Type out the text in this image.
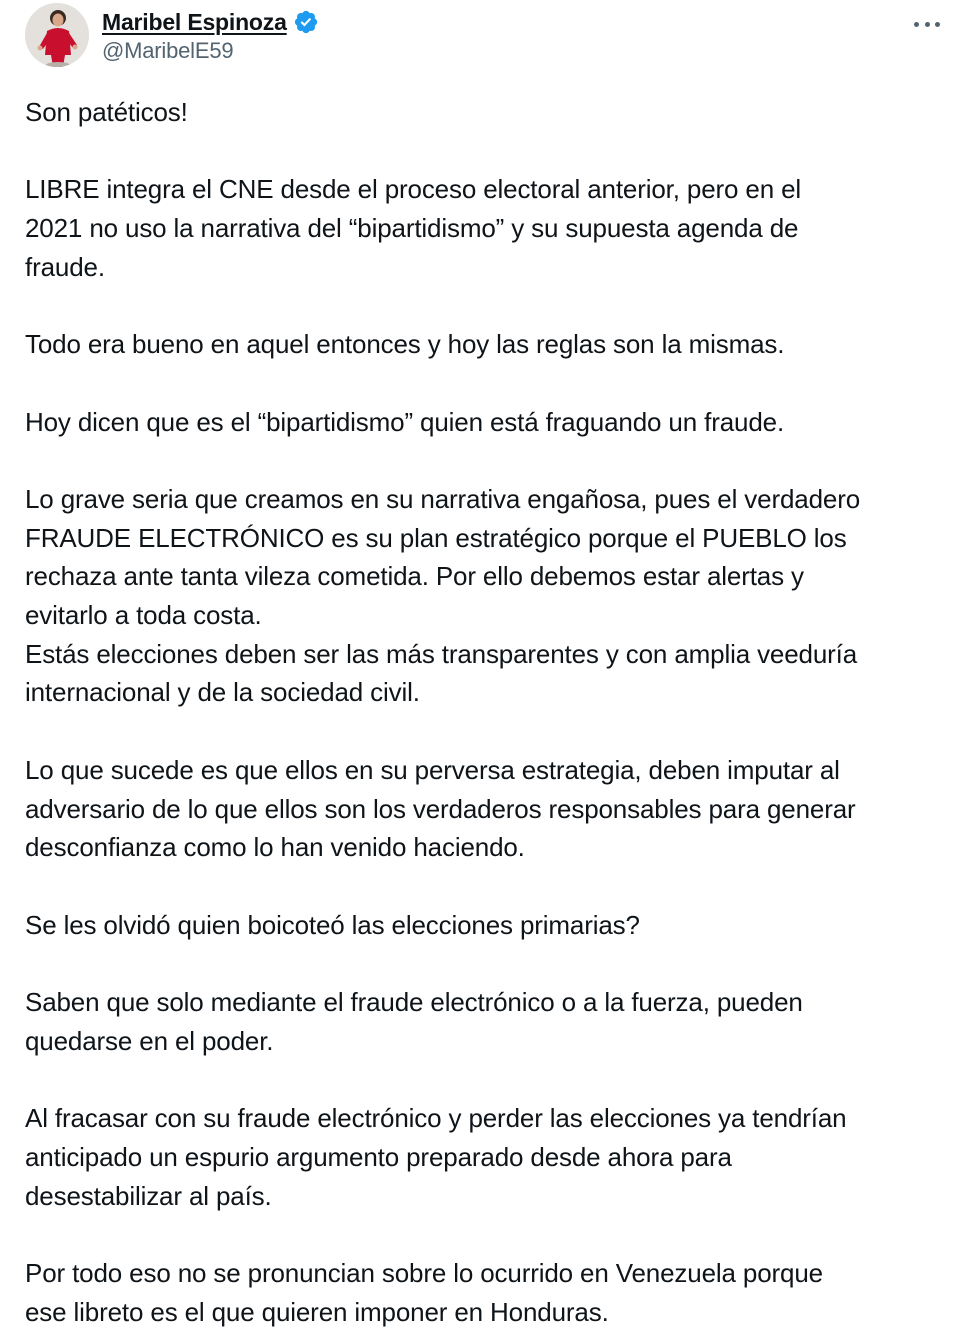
Maribel Espinoza
@MaribelE59

Son patéticos!

LIBRE integra el CNE desde el proceso electoral anterior, pero en el

2021 no uso la narrativa del “bipartidismo” y su supuesta agenda de

fraude.

Todo era bueno en aquel entonces y hoy las reglas son la mismas.

Hoy dicen que es el “bipartidismo” quien está fraguando un fraude.

Lo grave seria que creamos en su narrativa engañosa, pues el verdadero

FRAUDE ELECTRÓNICO es su plan estratégico porque el PUEBLO los

rechaza ante tanta vileza cometida. Por ello debemos estar alertas y

evitarlo a toda costa.

Estás elecciones deben ser las más transparentes y con amplia veeduría

internacional y de la sociedad civil.

Lo que sucede es que ellos en su perversa estrategia, deben imputar al

adversario de lo que ellos son los verdaderos responsables para generar

desconfianza como lo han venido haciendo.

Se les olvidó quien boicoteó las elecciones primarias?

Saben que solo mediante el fraude electrónico o a la fuerza, pueden

quedarse en el poder.

Al fracasar con su fraude electrónico y perder las elecciones ya tendrían

anticipado un espurio argumento preparado desde ahora para

desestabilizar al país.

Por todo eso no se pronuncian sobre lo ocurrido en Venezuela porque

ese libreto es el que quieren imponer en Honduras.
